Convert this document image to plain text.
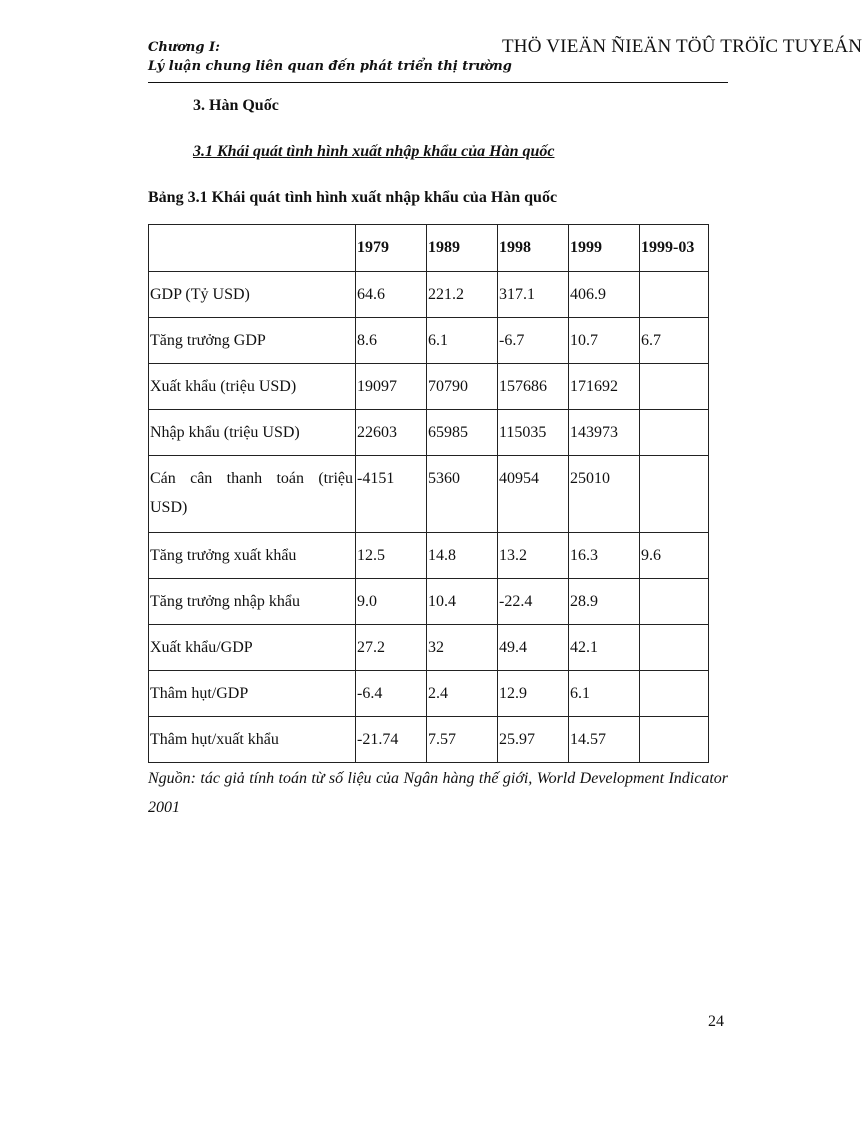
Chương I:
Lý luận chung liên quan đến phát triển thị trường
THÖ VIEÄN ÑIEÄN TÖÛ TRÖÏC TUYEÁN
3. Hàn Quốc
3.1 Khái quát tình hình xuất nhập khẩu của Hàn quốc
Bảng 3.1 Khái quát tình hình xuất nhập khẩu của Hàn quốc
	1979	1989	1998	1999	1999-03
GDP (Tỷ USD)	64.6	221.2	317.1	406.9	
Tăng trưởng GDP	8.6	6.1	-6.7	10.7	6.7
Xuất khẩu (triệu USD)	19097	70790	157686	171692	
Nhập khẩu (triệu USD)	22603	65985	115035	143973	
Cán cân thanh toán (triệu USD)	-4151	5360	40954	25010	
Tăng trưởng xuất khẩu	12.5	14.8	13.2	16.3	9.6
Tăng trưởng nhập khẩu	9.0	10.4	-22.4	28.9	
Xuất khẩu/GDP	27.2	32	49.4	42.1	
Thâm hụt/GDP	-6.4	2.4	12.9	6.1	
Thâm hụt/xuất khẩu	-21.74	7.57	25.97	14.57	
Nguồn: tác giả tính toán từ số liệu của Ngân hàng thế giới, World Development Indicator 2001
24
